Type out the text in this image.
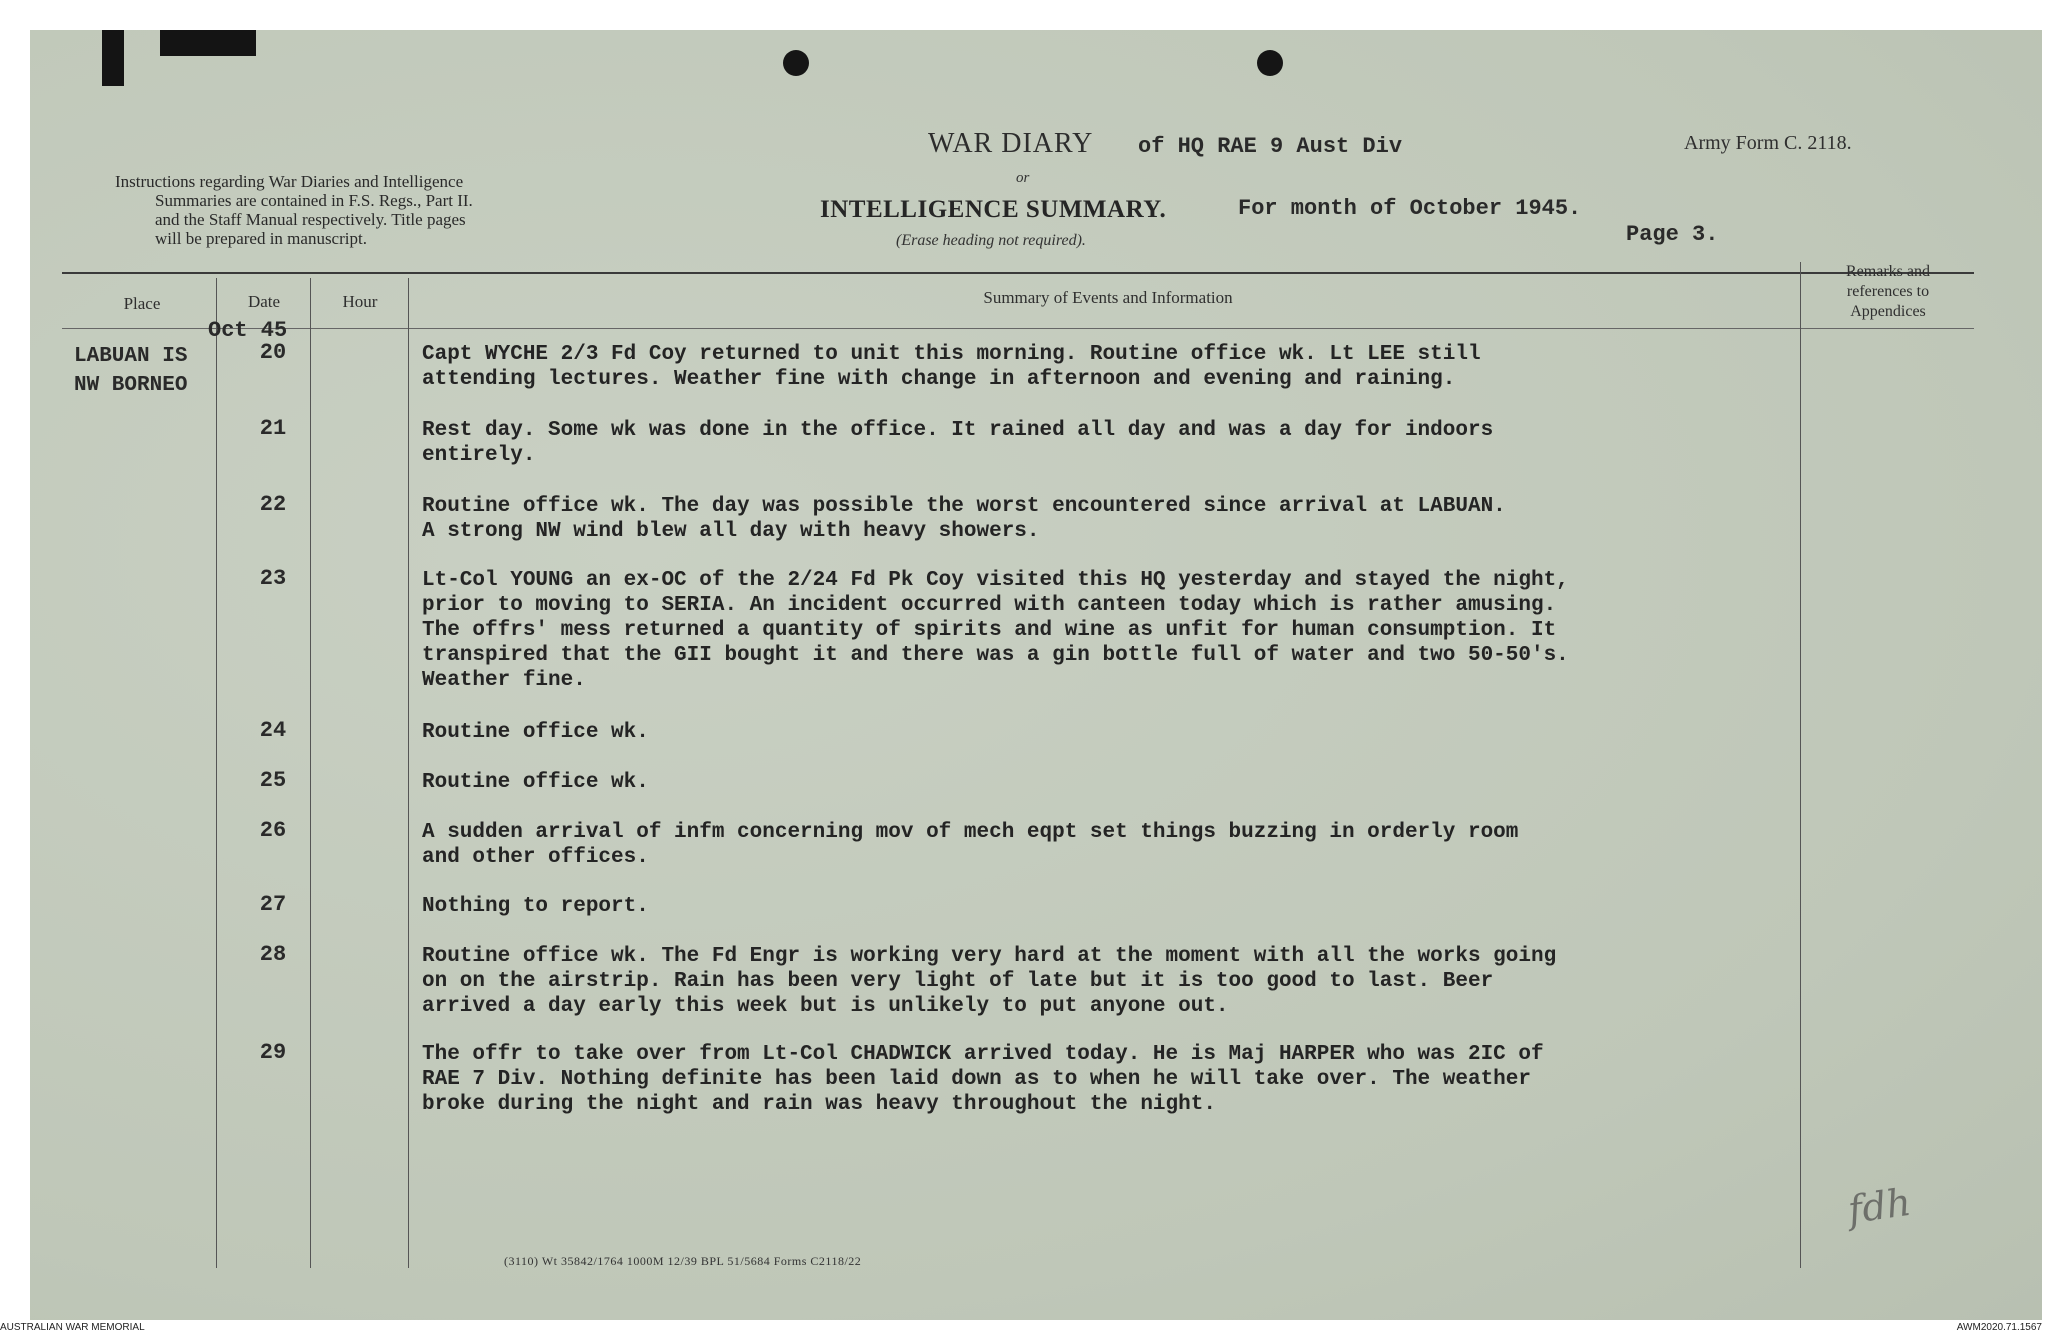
Instructions regarding War Diaries and Intelligence
Summaries are contained in F.S. Regs., Part II.
and the Staff Manual respectively. Title pages
will be prepared in manuscript.
WAR DIARY of HQ RAE 9 Aust Div
or
INTELLIGENCE SUMMARY.	For month of October 1945.
(Erase heading not required).
Army Form C. 2118.
Page 3.
Place	Date	Hour	Summary of Events and Information
Remarks and
references to
Appendices
Oct 45
LABUAN IS
NW BORNEO
20	Capt WYCHE 2/3 Fd Coy returned to unit this morning. Routine office wk. Lt LEE still
attending lectures. Weather fine with change in afternoon and evening and raining.
21	Rest day. Some wk was done in the office. It rained all day and was a day for indoors
entirely.
22	Routine office wk. The day was possible the worst encountered since arrival at LABUAN.
A strong NW wind blew all day with heavy showers.
23	Lt-Col YOUNG an ex-OC of the 2/24 Fd Pk Coy visited this HQ yesterday and stayed the night,
prior to moving to SERIA. An incident occurred with canteen today which is rather amusing.
The offrs' mess returned a quantity of spirits and wine as unfit for human consumption. It
transpired that the GII bought it and there was a gin bottle full of water and two 50-50's.
Weather fine.
24	Routine office wk.
25	Routine office wk.
26	A sudden arrival of infm concerning mov of mech eqpt set things buzzing in orderly room
and other offices.
27	Nothing to report.
28	Routine office wk. The Fd Engr is working very hard at the moment with all the works going
on on the airstrip. Rain has been very light of late but it is too good to last. Beer
arrived a day early this week but is unlikely to put anyone out.
29	The offr to take over from Lt-Col CHADWICK arrived today. He is Maj HARPER who was 2IC of
RAE 7 Div. Nothing definite has been laid down as to when he will take over. The weather
broke during the night and rain was heavy throughout the night.
(3110) Wt 35842/1764 1000M 12/39 BPL 51/5684 Forms C2118/22
fdh
AUSTRALIAN WAR MEMORIAL	AWM2020.71.1567
